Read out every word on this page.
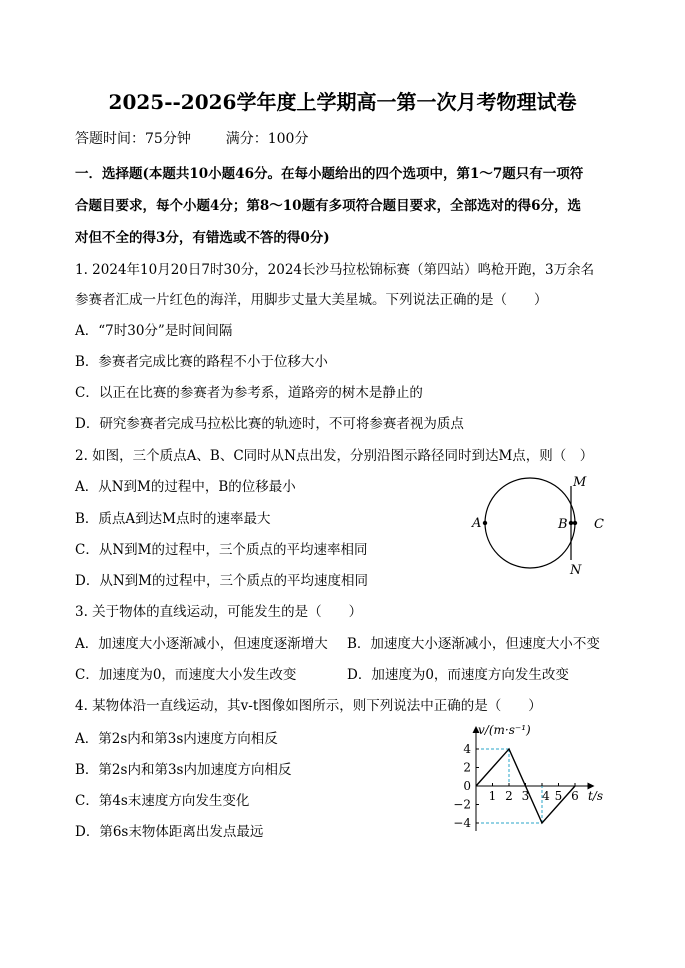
2025--2026学年度上学期高一第一次月考物理试卷
答题时间：75分钟 满分：100分
一．选择题(本题共10小题46分。在每小题给出的四个选项中，第1～7题只有一项符
合题目要求，每个小题4分；第8～10题有多项符合题目要求，全部选对的得6分，选
对但不全的得3分，有错选或不答的得0分)
1. 2024年10月20日7时30分，2024长沙马拉松锦标赛（第四站）鸣枪开跑，3万余名
参赛者汇成一片红色的海洋，用脚步丈量大美星城。下列说法正确的是（　　）
A．“7时30分”是时间间隔
B．参赛者完成比赛的路程不小于位移大小
C．以正在比赛的参赛者为参考系，道路旁的树木是静止的
D．研究参赛者完成马拉松比赛的轨迹时，不可将参赛者视为质点
2. 如图，三个质点A、B、C同时从N点出发，分别沿图示路径同时到达M点，则（　）
A．从N到M的过程中，B的位移最小
B．质点A到达M点时的速率最大
C．从N到M的过程中，三个质点的平均速率相同
D．从N到M的过程中，三个质点的平均速度相同
M
N
A	B C
3. 关于物体的直线运动，可能发生的是（　　）
A．加速度大小逐渐减小，但速度逐渐增大 B．加速度大小逐渐减小，但速度大小不变
C．加速度为0，而速度大小发生改变	D．加速度为0，而速度方向发生改变
4. 某物体沿一直线运动，其v-t图像如图所示，则下列说法中正确的是（　　）
A．第2s内和第3s内速度方向相反
B．第2s内和第3s内加速度方向相反
C．第4s末速度方向发生变化
D．第6s末物体距离出发点最远
4
2
0
−2
−4
1 2 3 4 5 6
v/(m·s⁻¹)
t/s
